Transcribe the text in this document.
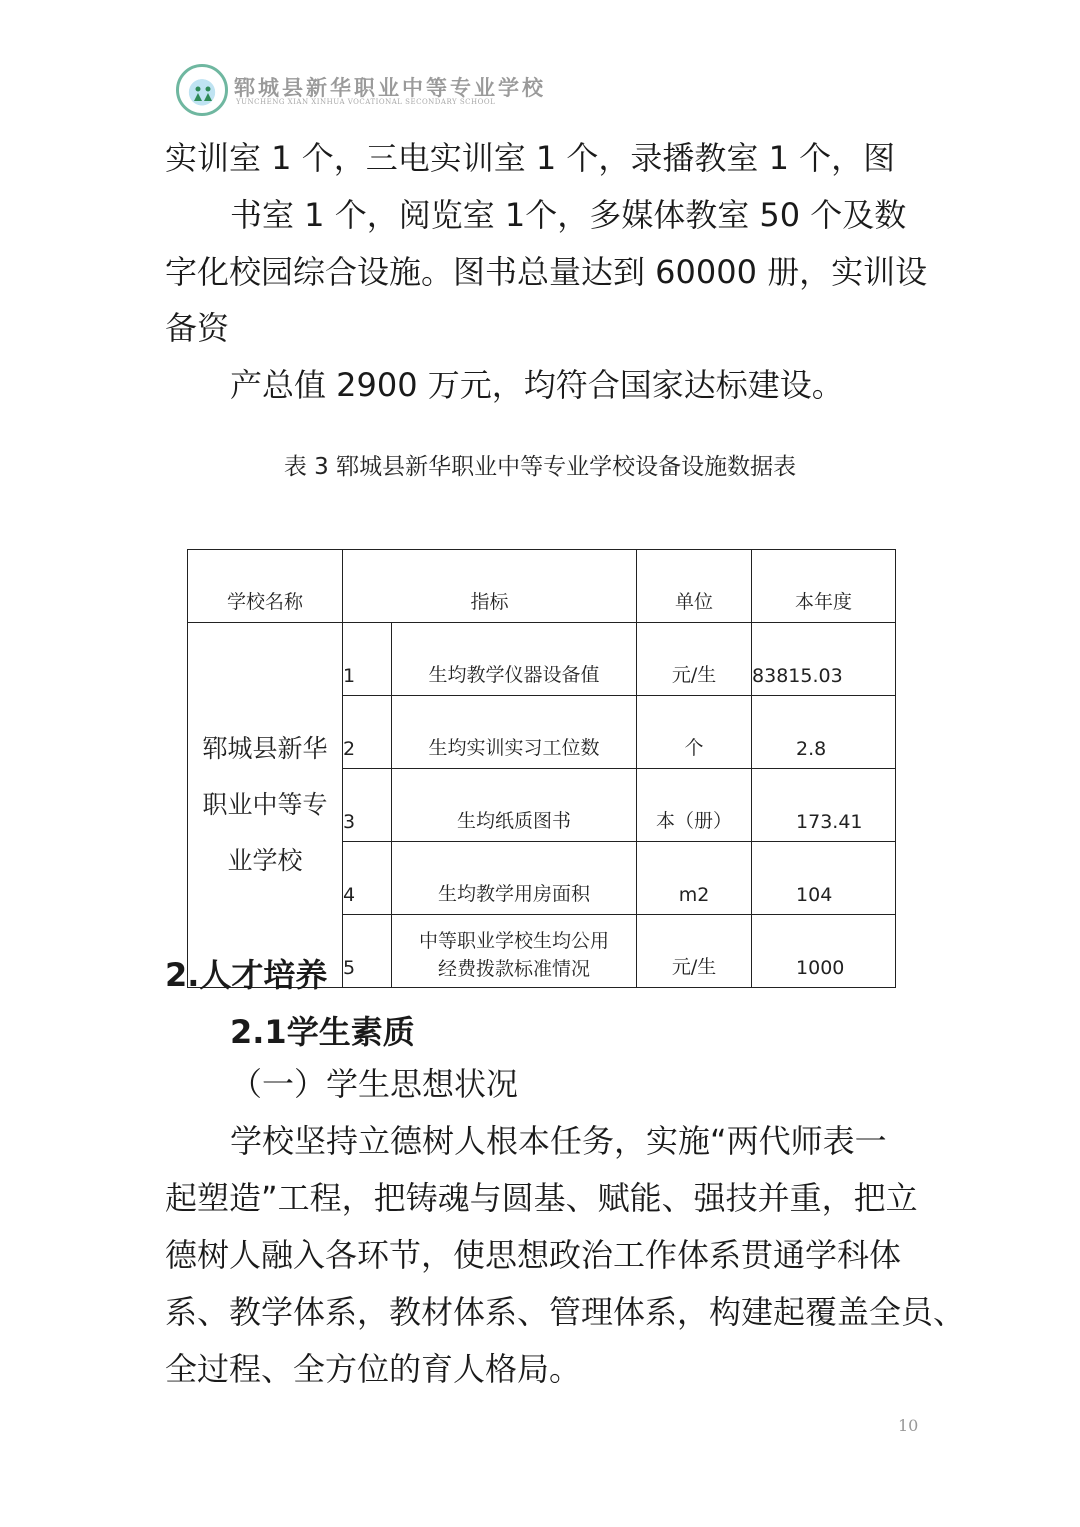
郓城县新华职业中等专业学校
YUNCHENG XIAN XINHUA VOCATIONAL SECONDARY SCHOOL
实训室 1 个，三电实训室 1 个，录播教室 1 个，图
书室 1 个，阅览室 1个，多媒体教室 50 个及数
字化校园综合设施。图书总量达到 60000 册，实训设
备资
产总值 2900 万元，均符合国家达标建设。
表 3 郓城县新华职业中等专业学校设备设施数据表
学校名称	指标		单位	本年度
郓城县新华职业中等专业学校	1	生均教学仪器设备值	元/生	83815.03
	2	生均实训实习工位数	个	2.8
	3	生均纸质图书	本（册）	173.41
	4	生均教学用房面积	m2	104
	5	中等职业学校生均公用
经费拨款标准情况	元/生	1000
2.人才培养
2.1学生素质
（一）学生思想状况
学校坚持立德树人根本任务，实施“两代师表一
起塑造”工程，把铸魂与圆基、赋能、强技并重，把立
德树人融入各环节，使思想政治工作体系贯通学科体
系、教学体系，教材体系、管理体系，构建起覆盖全员、
全过程、全方位的育人格局。
10
